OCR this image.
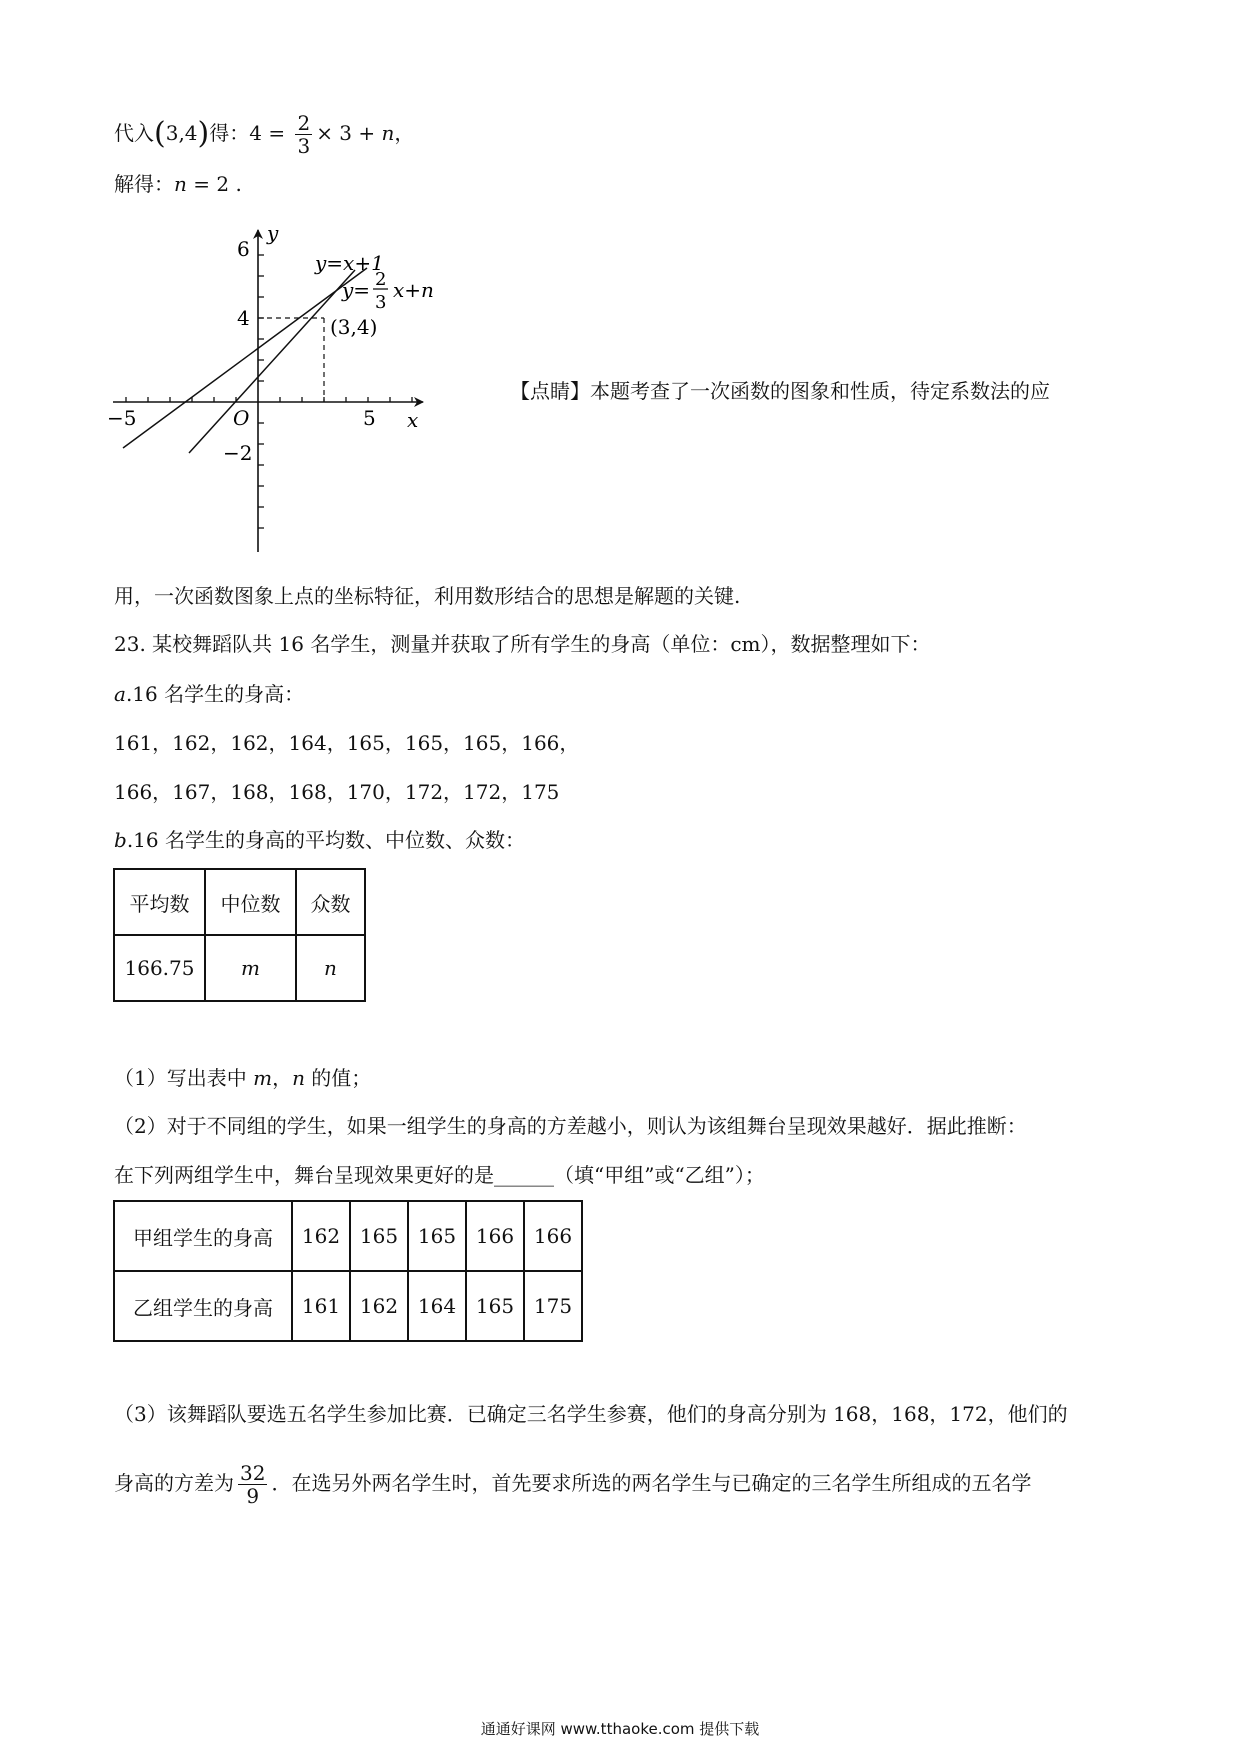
代入(3,4)得：$4 = \frac{2}{3} \times 3 + n$，
解得：n = 2 .
y
x
O
6
4
−2
−5	5
y=x+1
y= 2
3
x+n
(3,4)
【点睛】本题考查了一次函数的图象和性质，待定系数法的应
用，一次函数图象上点的坐标特征，利用数形结合的思想是解题的关键.
23. 某校舞蹈队共 16 名学生，测量并获取了所有学生的身高（单位：cm），数据整理如下：
a.16 名学生的身高：
161，162，162，164，165，165，165，166，
166，167，168，168，170，172，172，175
b.16 名学生的身高的平均数、中位数、众数：
平均数	中位数	众数
166.75	m	n
（1）写出表中 m，n 的值；
（2）对于不同组的学生，如果一组学生的身高的方差越小，则认为该组舞台呈现效果越好．据此推断：
在下列两组学生中，舞台呈现效果更好的是______（填“甲组”或“乙组”）；
甲组学生的身高	162	165	165	166	166
乙组学生的身高	161	162	164	165	175
（3）该舞蹈队要选五名学生参加比赛．已确定三名学生参赛，他们的身高分别为 168，168，172，他们的
身高的方差为 $\frac{32}{9}$ ．在选另外两名学生时，首先要求所选的两名学生与已确定的三名学生所组成的五名学
通通好课网 www.tthaoke.com 提供下载
